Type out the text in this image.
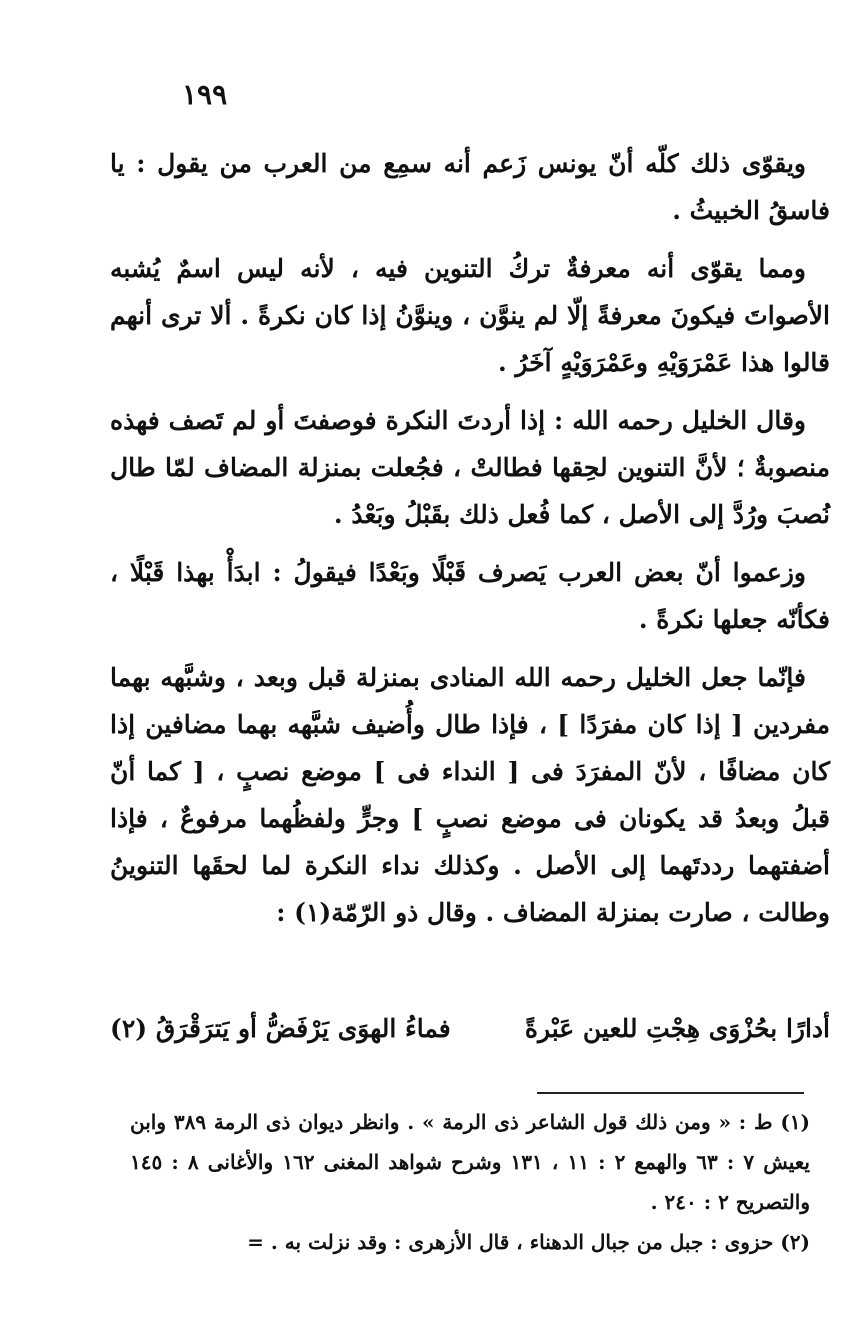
١٩٩

ويقوّى ذلك كلّه أنّ يونس زَعم أنه سمِع من العرب من يقول : يا فاسقُ الخبيثُ .

ومما يقوّى أنه معرفةٌ تركُ التنوين فيه ، لأنه ليس اسمٌ يُشبه الأصواتَ فيكونَ معرفةً إلّا لم ينوَّن ، وينوَّنُ إذا كان نكرةً . ألا ترى أنهم قالوا هذا عَمْرَوَيْهِ وعَمْرَوَيْهٍ آخَرُ .

وقال الخليل رحمه الله : إذا أردتَ النكرة فوصفتَ أو لم تَصف فهذه منصوبةٌ ؛ لأنَّ التنوين لحِقها فطالتْ ، فجُعلت بمنزلة المضاف لمّا طال نُصبَ ورُدَّ إلى الأصل ، كما فُعل ذلك بقَبْلُ وبَعْدُ .

وزعموا أنّ بعض العرب يَصرف قَبْلًا وبَعْدًا فيقولُ : ابدَأْ بهذا قَبْلًا ، فكأنّه جعلها نكرةً .

فإنّما جعل الخليل رحمه الله المنادى بمنزلة قبل وبعد ، وشبَّهه بهما مفردين [ إذا كان مفرَدًا ] ، فإذا طال وأُضيف شبَّهه بهما مضافين إذا كان مضافًا ، لأنّ المفرَدَ فى [ النداء فى ] موضع نصبٍ ، [ كما أنّ قبلُ وبعدُ قد يكونان فى موضع نصبٍ ] وجرٍّ ولفظُهما مرفوعٌ ، فإذا أضفتهما رددتَهما إلى الأصل . وكذلك نداء النكرة لما لحقَها التنوينُ وطالت ، صارت بمنزلة المضاف . وقال ذو الرّمّة(١) :

أدارًا بحُزْوَى هِجْتِ للعين عَبْرةً
فماءُ الهوَى يَرْفَضُّ أو يَترَقْرَقُ (٢)

(١) ط : « ومن ذلك قول الشاعر ذى الرمة » . وانظر ديوان ذى الرمة ٣٨٩ وابن يعيش ٧ : ٦٣ والهمع ٢ : ١١ ، ١٣١ وشرح شواهد المغنى ١٦٢ والأغانى ٨ : ١٤٥ والتصريح ٢ : ٢٤٠ .

(٢) حزوى : جبل من جبال الدهناء ، قال الأزهرى : وقد نزلت به . =
